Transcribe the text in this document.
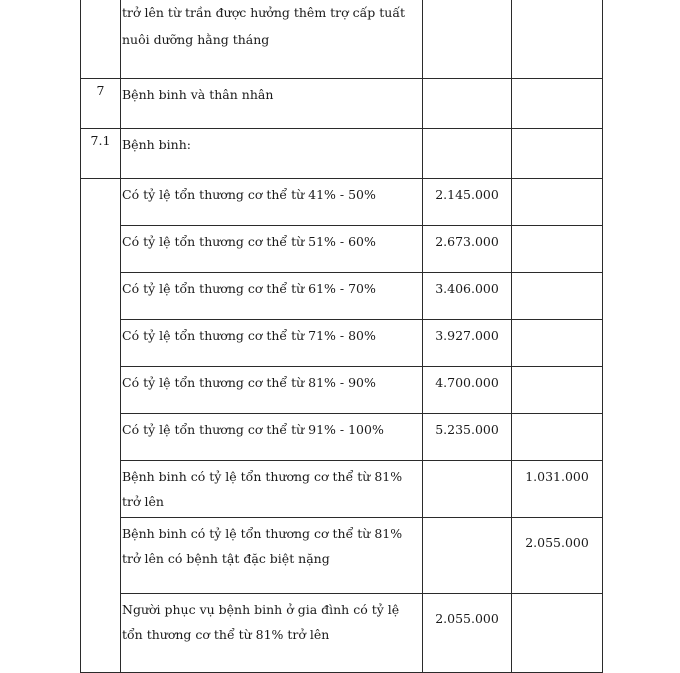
	trở lên từ trần được hưởng thêm trợ cấp tuất nuôi dưỡng hằng tháng		
7	Bệnh binh và thân nhân		
7.1	Bệnh binh:		
	Có tỷ lệ tổn thương cơ thể từ 41% - 50%	2.145.000	
	Có tỷ lệ tổn thương cơ thể từ 51% - 60%	2.673.000	
	Có tỷ lệ tổn thương cơ thể từ 61% - 70%	3.406.000	
	Có tỷ lệ tổn thương cơ thể từ 71% - 80%	3.927.000	
	Có tỷ lệ tổn thương cơ thể từ 81% - 90%	4.700.000	
	Có tỷ lệ tổn thương cơ thể từ 91% - 100%	5.235.000	
	Bệnh binh có tỷ lệ tổn thương cơ thể từ 81% trở lên		1.031.000
	Bệnh binh có tỷ lệ tổn thương cơ thể từ 81% trở lên có bệnh tật đặc biệt nặng		2.055.000
	Người phục vụ bệnh binh ở gia đình có tỷ lệ tổn thương cơ thể từ 81% trở lên	2.055.000	
